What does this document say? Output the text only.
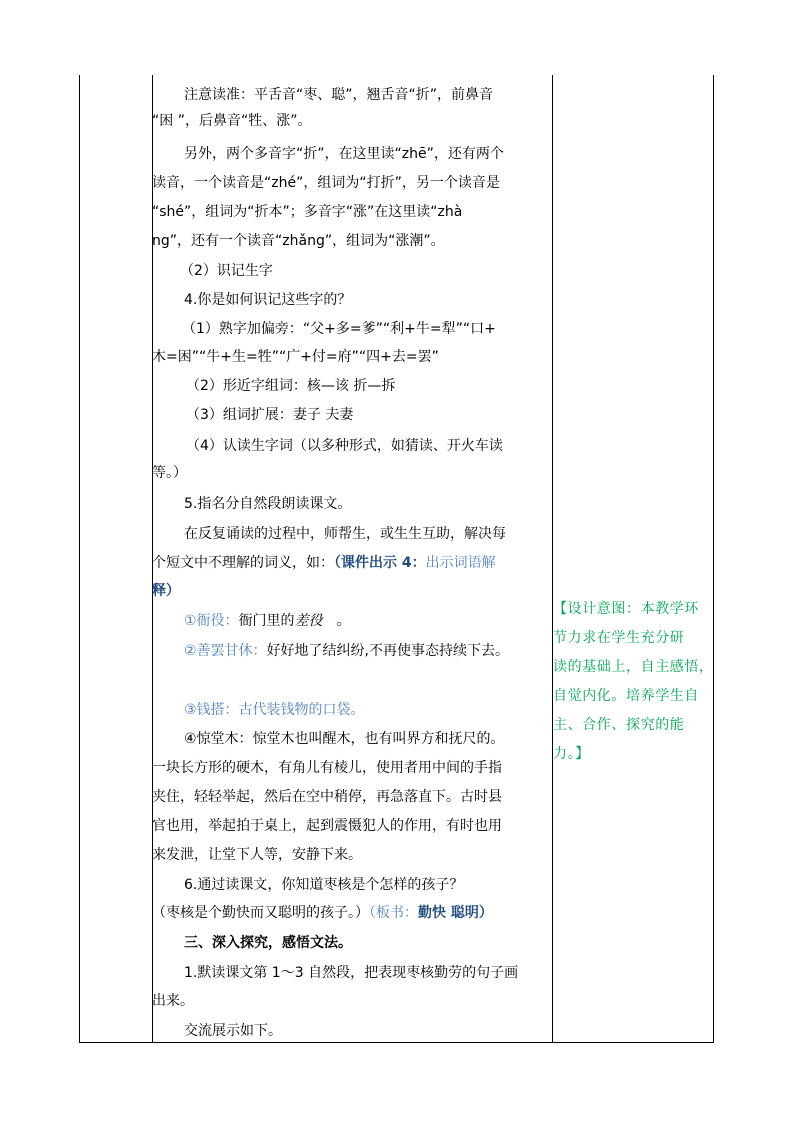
注意读准：平舌音“枣、聪”，翘舌音“折”，前鼻音
“困 ”，后鼻音“牲、涨”。
另外，两个多音字“折”，在这里读“zhē”，还有两个
读音，一个读音是“zhé”，组词为“打折”，另一个读音是
“shé”，组词为“折本”；多音字“涨”在这里读“zhà
ng”，还有一个读音“zhǎng”，组词为“涨潮”。
（2）识记生字
4.你是如何识记这些字的？
（1）熟字加偏旁：“父+多=爹”“利+牛=犁”“口+
木=困”“牛+生=牲”“广+付=府”“四+去=罢”
（2）形近字组词：核—该 折—拆
（3）组词扩展：妻子 夫妻
（4）认读生字词（以多种形式，如猜读、开火车读
等。）
5.指名分自然段朗读课文。
在反复诵读的过程中，师帮生，或生生互助，解决每
个短文中不理解的词义，如：（课件出示 4：出示词语解
释）
①衙役：衙门里的差役 。
②善罢甘休：好好地了结纠纷,不再使事态持续下去。
③钱搭：古代装钱物的口袋。
④惊堂木：惊堂木也叫醒木，也有叫界方和抚尺的。
一块长方形的硬木，有角儿有棱儿，使用者用中间的手指
夹住，轻轻举起，然后在空中稍停，再急落直下。古时县
官也用，举起拍于桌上，起到震慑犯人的作用，有时也用
来发泄，让堂下人等，安静下来。
6.通过读课文，你知道枣核是个怎样的孩子？
（枣核是个勤快而又聪明的孩子。）（板书：勤快 聪明）
三、深入探究，感悟文法。
1.默读课文第 1～3 自然段，把表现枣核勤劳的句子画
出来。
交流展示如下。
【设计意图：本教学环
节力求在学生充分研
读的基础上，自主感悟，
自觉内化。培养学生自
主、合作、探究的能
力。】
